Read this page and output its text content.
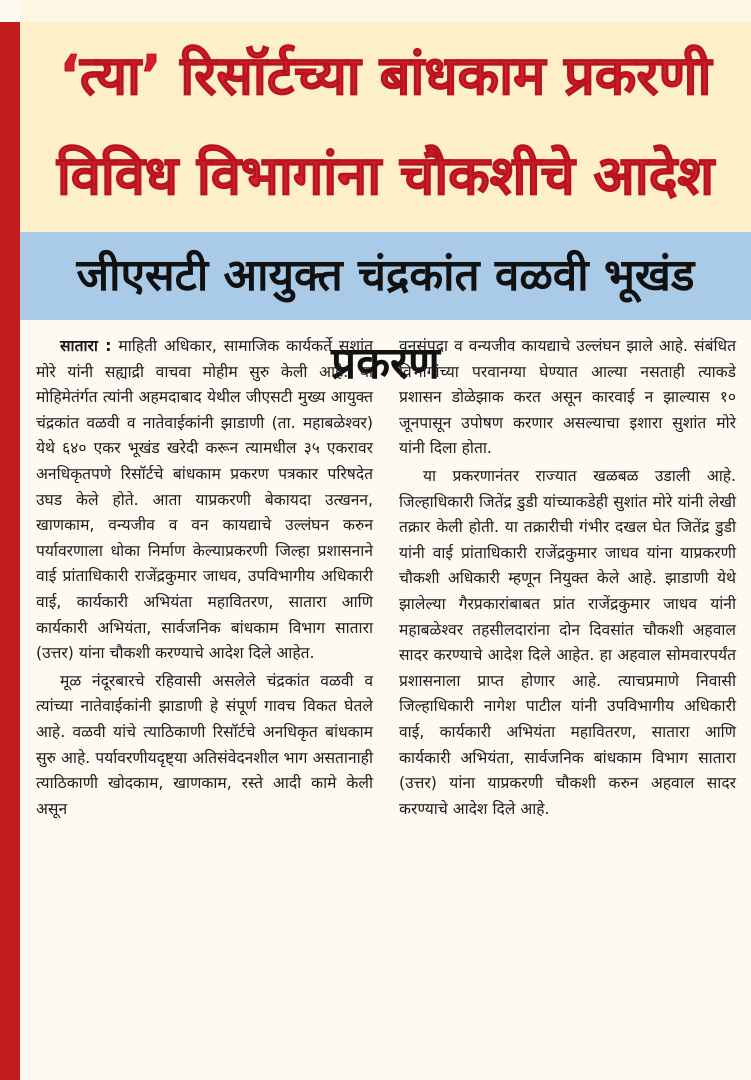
‘त्या’ रिसॉर्टच्या बांधकाम प्रकरणी
विविध विभागांना चौकशीचे आदेश
जीएसटी आयुक्त चंद्रकांत वळवी भूखंड प्रकरण

सातारा : माहिती अधिकार, सामाजिक कार्यकर्ते सुशांत मोरे यांनी सह्याद्री वाचवा मोहीम सुरु केली आहे. या मोहिमेतंर्गत त्यांनी अहमदाबाद येथील जीएसटी मुख्य आयुक्त चंद्रकांत वळवी व नातेवाईकांनी झाडाणी (ता. महाबळेश्‍वर) येथे ६४० एकर भूखंड खरेदी करून त्यामधील ३५ एकरावर अनधिकृतपणे रिसॉर्टचे बांधकाम प्रकरण पत्रकार परिषदेत उघड केले होते. आता याप्रकरणी बेकायदा उत्खनन, खाणकाम, वन्यजीव व वन कायद्याचे उल्लंघन करुन पर्यावरणाला धोका निर्माण केल्याप्रकरणी जिल्हा प्रशासनाने वाई प्रांताधिकारी राजेंद्रकुमार जाधव, उपविभागीय अधिकारी वाई, कार्यकारी अभियंता महावितरण, सातारा आणि कार्यकारी अभियंता, सार्वजनिक बांधकाम विभाग सातारा (उत्तर) यांना चौकशी करण्याचे आदेश दिले आहेत.

मूळ नंदूरबारचे रहिवासी असलेले चंद्रकांत वळवी व त्यांच्या नातेवाईकांनी झाडाणी हे संपूर्ण गावच विकत घेतले आहे. वळवी यांचे त्याठिकाणी रिसॉर्टचे अनधिकृत बांधकाम सुरु आहे. पर्यावरणीयदृष्ट्या अतिसंवेदनशील भाग असतानाही त्याठिकाणी खोदकाम, खाणकाम, रस्ते आदी कामे केली असून

वनसंपदा व वन्यजीव कायद्याचे उल्लंघन झाले आहे. संबंधित विभागांच्या परवानग्या घेण्यात आल्या नसताही त्याकडे प्रशासन डोळेझाक करत असून कारवाई न झाल्यास १० जूनपासून उपोषण करणार असल्याचा इशारा सुशांत मोरे यांनी दिला होता.

या प्रकरणानंतर राज्यात खळबळ उडाली आहे. जिल्हाधिकारी जितेंद्र डुडी यांच्याकडेही सुशांत मोरे यांनी लेखी तक्रार केली होती. या तक्रारीची गंभीर दखल घेत जितेंद्र डुडी यांनी वाई प्रांताधिकारी राजेंद्रकुमार जाधव यांना याप्रकरणी चौकशी अधिकारी म्हणून नियुक्त केले आहे. झाडाणी येथे झालेल्या गैरप्रकारांबाबत प्रांत राजेंद्रकुमार जाधव यांनी महाबळेश्‍वर तहसीलदारांना दोन दिवसांत चौकशी अहवाल सादर करण्याचे आदेश दिले आहेत. हा अहवाल सोमवारपर्यंत प्रशासनाला प्राप्त होणार आहे. त्याचप्रमाणे निवासी जिल्हाधिकारी नागेश पाटील यांनी उपविभागीय अधिकारी वाई, कार्यकारी अभियंता महावितरण, सातारा आणि कार्यकारी अभियंता, सार्वजनिक बांधकाम विभाग सातारा (उत्तर) यांना याप्रकरणी चौकशी करुन अहवाल सादर करण्याचे आदेश दिले आहे.
